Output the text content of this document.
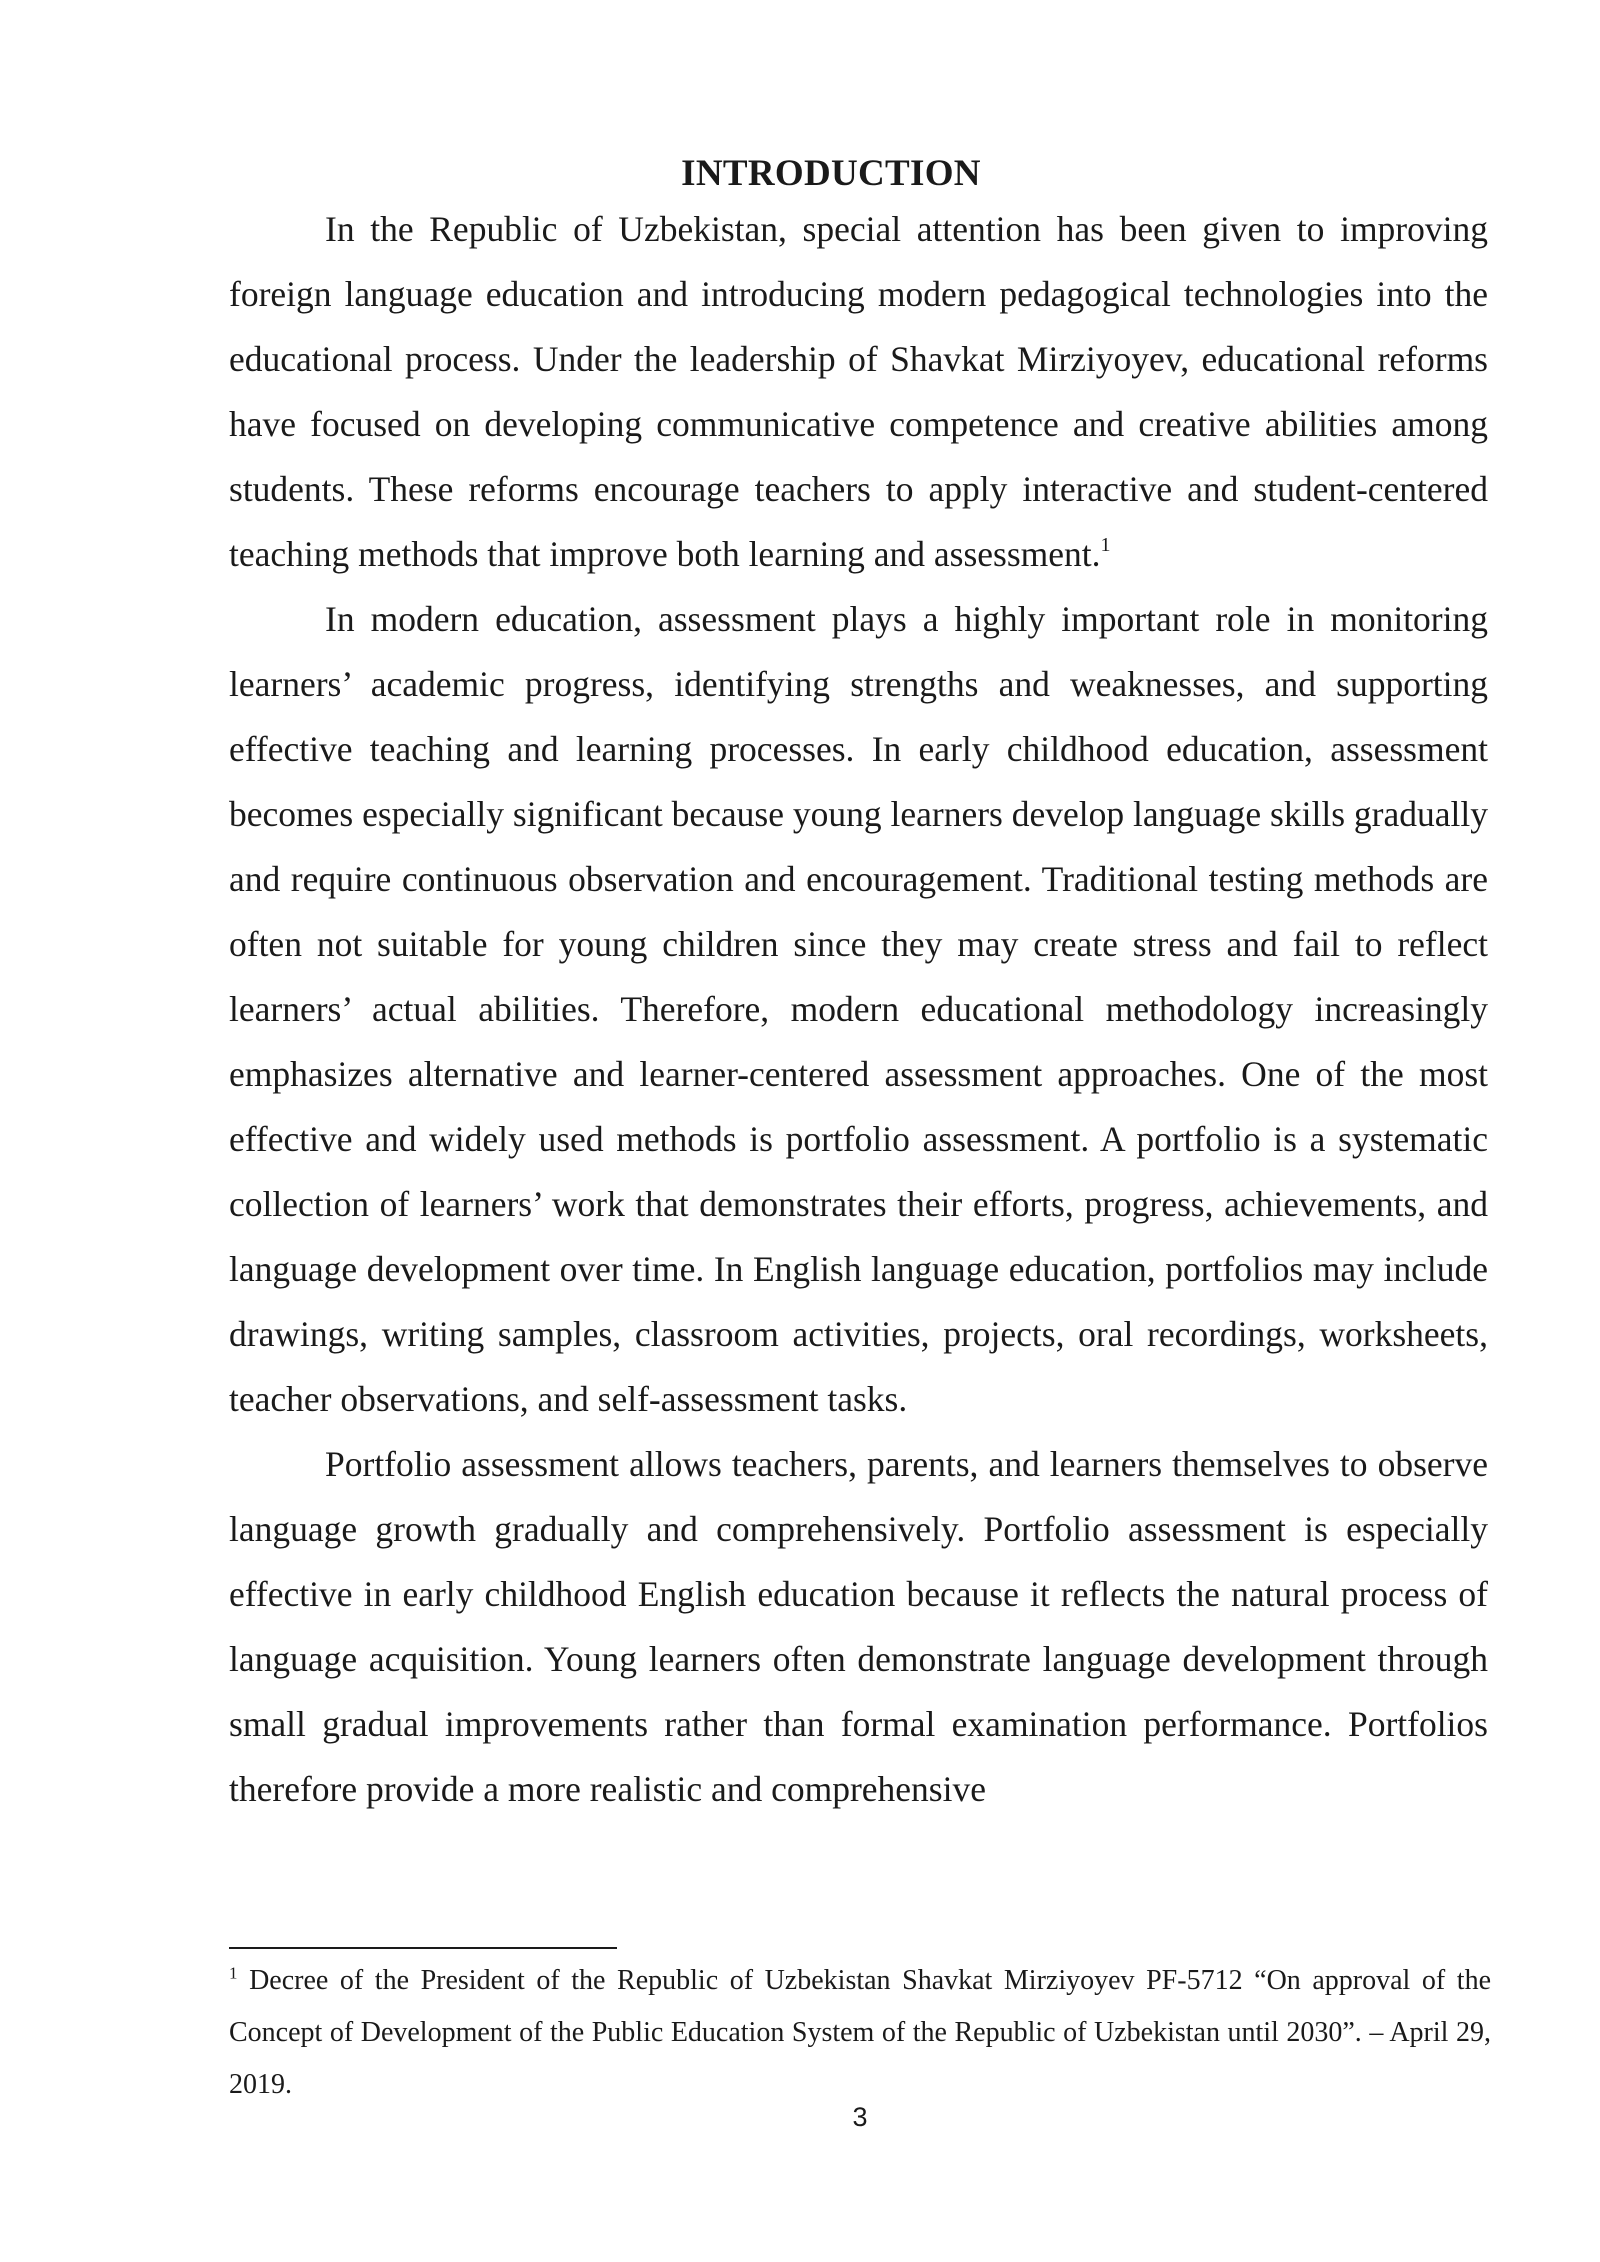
INTRODUCTION

In the Republic of Uzbekistan, special attention has been given to improving foreign language education and introducing modern pedagogical technologies into the educational process. Under the leadership of Shavkat Mirziyoyev, educational reforms have focused on developing communicative competence and creative abilities among students. These reforms encourage teachers to apply interactive and student-centered teaching methods that improve both learning and assessment.$^1$

In modern education, assessment plays a highly important role in monitoring learners’ academic progress, identifying strengths and weaknesses, and supporting effective teaching and learning processes. In early childhood education, assessment becomes especially significant because young learners develop language skills gradually and require continuous observation and encouragement. Traditional testing methods are often not suitable for young children since they may create stress and fail to reflect learners’ actual abilities. Therefore, modern educational methodology increasingly emphasizes alternative and learner-centered assessment approaches. One of the most effective and widely used methods is portfolio assessment. A portfolio is a systematic collection of learners’ work that demonstrates their efforts, progress, achievements, and language development over time. In English language education, portfolios may include drawings, writing samples, classroom activities, projects, oral recordings, worksheets, teacher observations, and self-assessment tasks.

Portfolio assessment allows teachers, parents, and learners themselves to observe language growth gradually and comprehensively. Portfolio assessment is especially effective in early childhood English education because it reflects the natural process of language acquisition. Young learners often demonstrate language development through small gradual improvements rather than formal examination performance. Portfolios therefore provide a more realistic and comprehensive

$^1$ Decree of the President of the Republic of Uzbekistan Shavkat Mirziyoyev PF-5712 “On approval of the Concept of Development of the Public Education System of the Republic of Uzbekistan until 2030”. – April 29, 2019.

3
